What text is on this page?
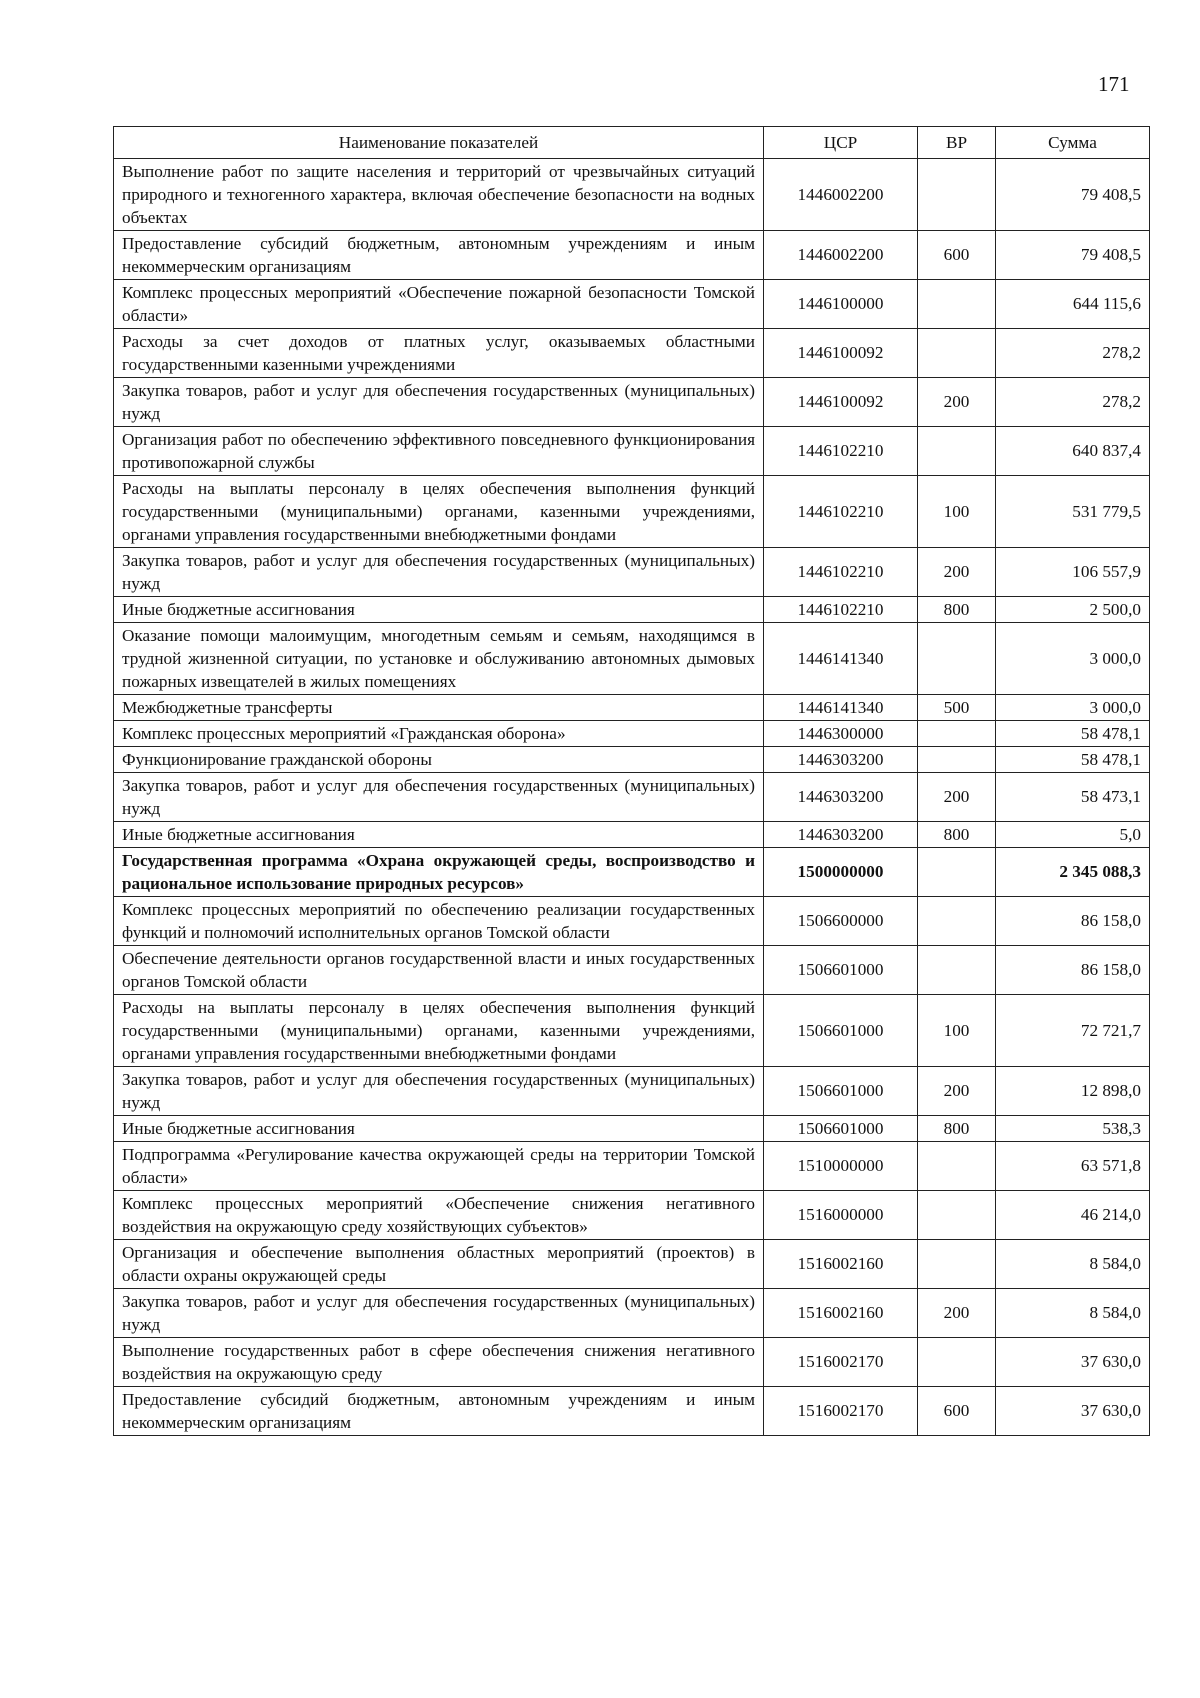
171
Наименование показателей	ЦСР	ВР	Сумма
Выполнение работ по защите населения и территорий от чрезвычайных ситуаций природного и техногенного характера, включая обеспечение безопасности на водных объектах	1446002200		79 408,5
Предоставление субсидий бюджетным, автономным учреждениям и иным некоммерческим организациям	1446002200	600	79 408,5
Комплекс процессных мероприятий «Обеспечение пожарной безопасности Томской области»	1446100000		644 115,6
Расходы за счет доходов от платных услуг, оказываемых областными государственными казенными учреждениями	1446100092		278,2
Закупка товаров, работ и услуг для обеспечения государственных (муниципальных) нужд	1446100092	200	278,2
Организация работ по обеспечению эффективного повседневного функционирования противопожарной службы	1446102210		640 837,4
Расходы на выплаты персоналу в целях обеспечения выполнения функций государственными (муниципальными) органами, казенными учреждениями, органами управления государственными внебюджетными фондами	1446102210	100	531 779,5
Закупка товаров, работ и услуг для обеспечения государственных (муниципальных) нужд	1446102210	200	106 557,9
Иные бюджетные ассигнования	1446102210	800	2 500,0
Оказание помощи малоимущим, многодетным семьям и семьям, находящимся в трудной жизненной ситуации, по установке и обслуживанию автономных дымовых пожарных извещателей в жилых помещениях	1446141340		3 000,0
Межбюджетные трансферты	1446141340	500	3 000,0
Комплекс процессных мероприятий «Гражданская оборона»	1446300000		58 478,1
Функционирование гражданской обороны	1446303200		58 478,1
Закупка товаров, работ и услуг для обеспечения государственных (муниципальных) нужд	1446303200	200	58 473,1
Иные бюджетные ассигнования	1446303200	800	5,0
Государственная программа «Охрана окружающей среды, воспроизводство и рациональное использование природных ресурсов»	1500000000		2 345 088,3
Комплекс процессных мероприятий по обеспечению реализации государственных функций и полномочий исполнительных органов Томской области	1506600000		86 158,0
Обеспечение деятельности органов государственной власти и иных государственных органов Томской области	1506601000		86 158,0
Расходы на выплаты персоналу в целях обеспечения выполнения функций государственными (муниципальными) органами, казенными учреждениями, органами управления государственными внебюджетными фондами	1506601000	100	72 721,7
Закупка товаров, работ и услуг для обеспечения государственных (муниципальных) нужд	1506601000	200	12 898,0
Иные бюджетные ассигнования	1506601000	800	538,3
Подпрограмма «Регулирование качества окружающей среды на территории Томской области»	1510000000		63 571,8
Комплекс процессных мероприятий «Обеспечение снижения негативного воздействия на окружающую среду хозяйствующих субъектов»	1516000000		46 214,0
Организация и обеспечение выполнения областных мероприятий (проектов) в области охраны окружающей среды	1516002160		8 584,0
Закупка товаров, работ и услуг для обеспечения государственных (муниципальных) нужд	1516002160	200	8 584,0
Выполнение государственных работ в сфере обеспечения снижения негативного воздействия на окружающую среду	1516002170		37 630,0
Предоставление субсидий бюджетным, автономным учреждениям и иным некоммерческим организациям	1516002170	600	37 630,0
